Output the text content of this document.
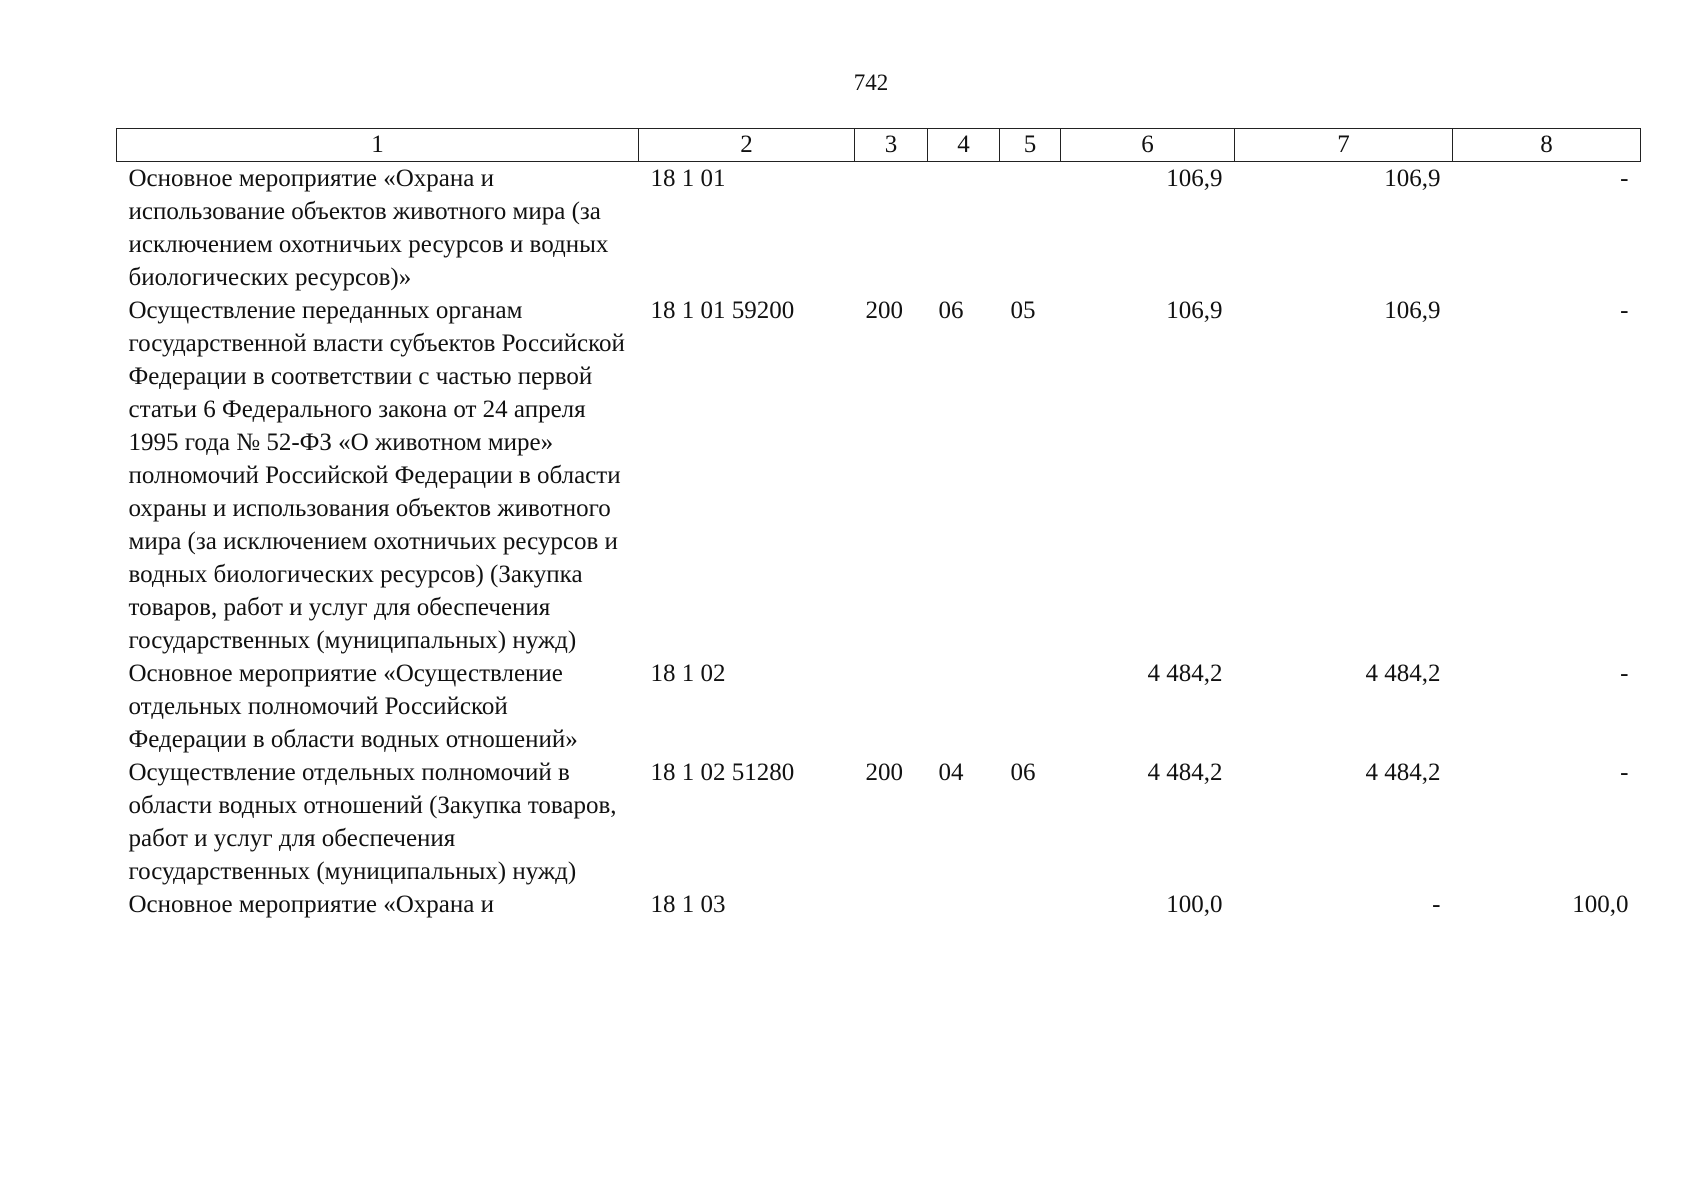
742
1	2	3	4	5	6	7	8
Основное мероприятие «Охрана и использование объектов животного мира (за исключением охотничьих ресурсов и водных биологических ресурсов)»	18 1 01				106,9	106,9	-
Осуществление переданных органам государственной власти субъектов Российской Федерации в соответствии с частью первой статьи 6 Федерального закона от 24 апреля 1995 года № 52-ФЗ «О животном мире» полномочий Российской Федерации в области охраны и использования объектов животного мира (за исключением охотничьих ресурсов и водных биологических ресурсов) (Закупка товаров, работ и услуг для обеспечения государственных (муниципальных) нужд)	18 1 01 59200	200	06	05	106,9	106,9	-
Основное мероприятие «Осуществление отдельных полномочий Российской Федерации в области водных отношений»	18 1 02				4 484,2	4 484,2	-
Осуществление отдельных полномочий в области водных отношений (Закупка товаров, работ и услуг для обеспечения государственных (муниципальных) нужд)	18 1 02 51280	200	04	06	4 484,2	4 484,2	-
Основное мероприятие «Охрана и	18 1 03				100,0	-	100,0
